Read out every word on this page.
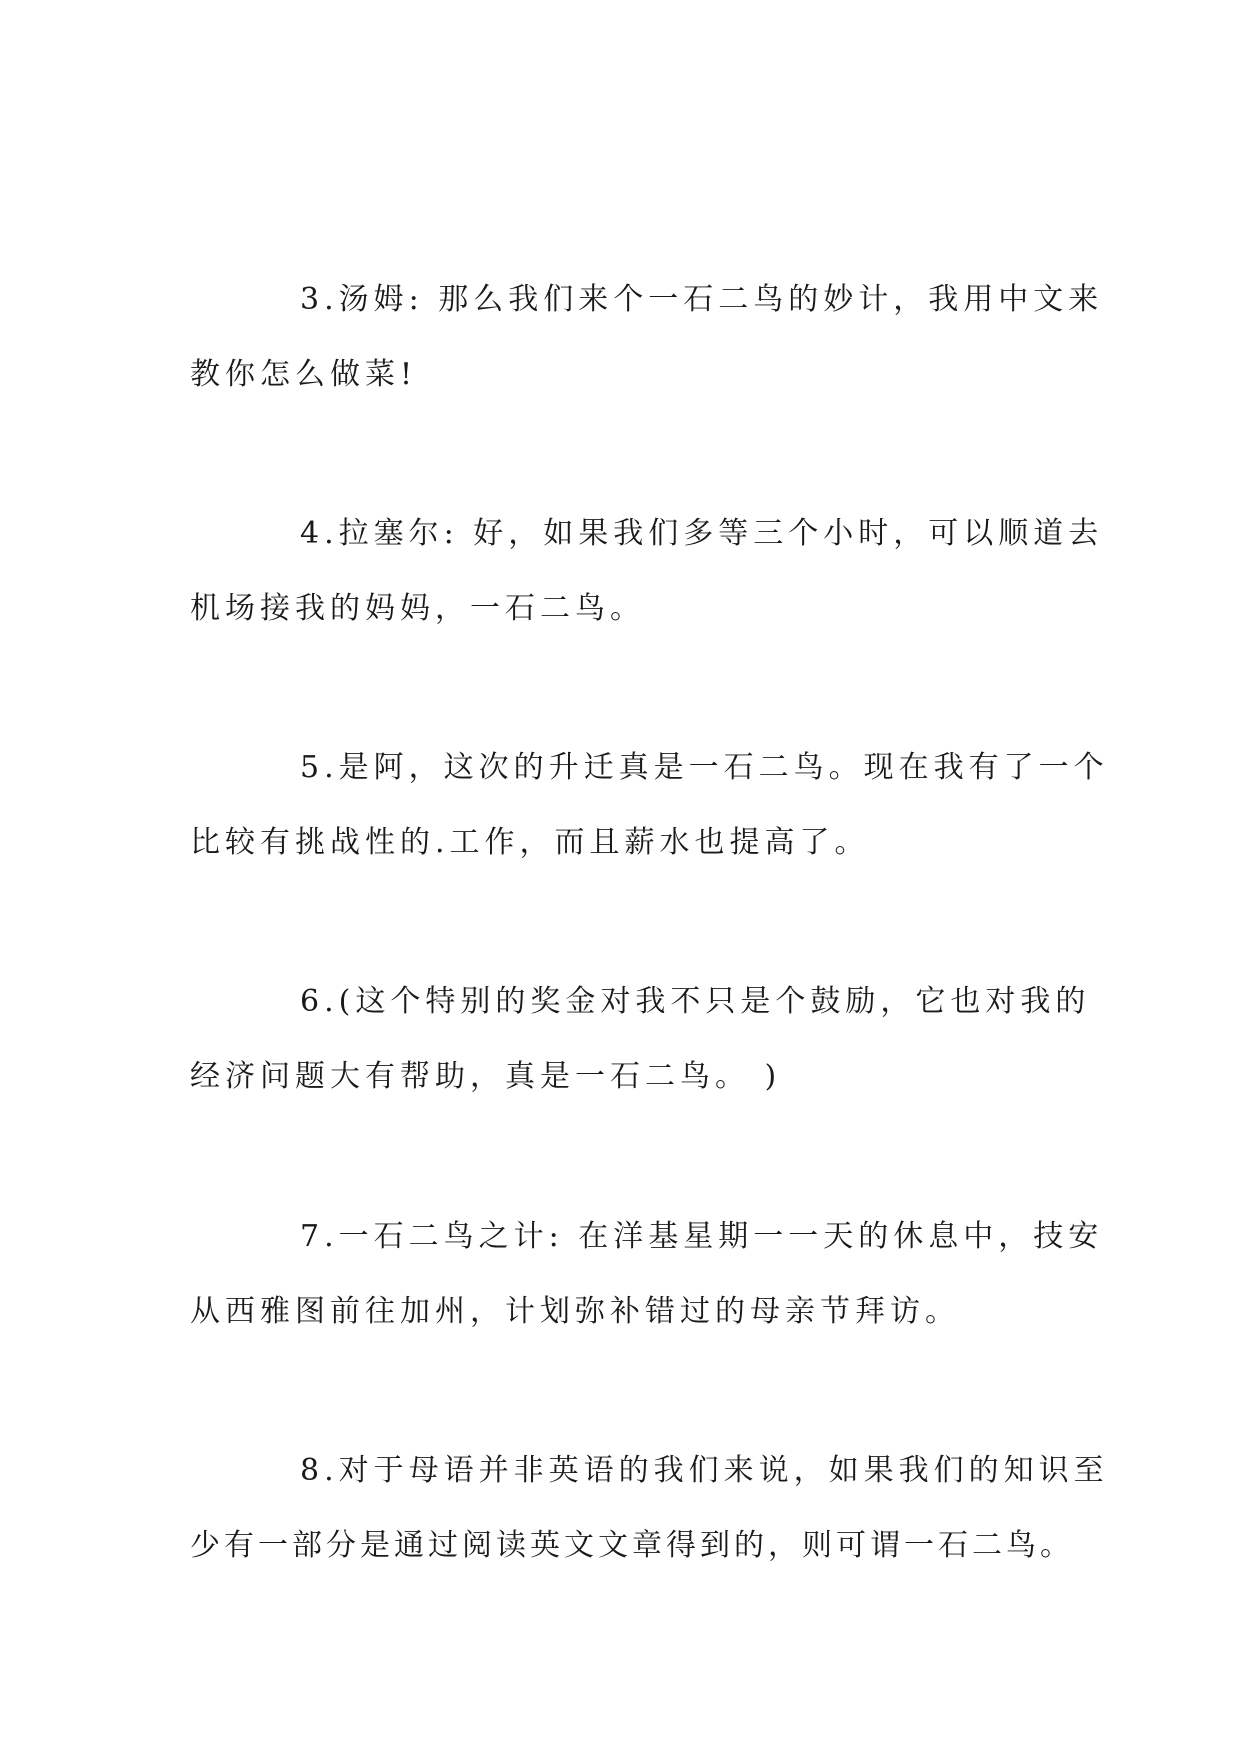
3.汤姆: 那么我们来个一石二鸟的妙计，我用中文来
教你怎么做菜!
4.拉塞尔: 好，如果我们多等三个小时，可以顺道去
机场接我的妈妈，一石二鸟。
5.是阿，这次的升迁真是一石二鸟。现在我有了一个
比较有挑战性的.工作，而且薪水也提高了。
6.(这个特别的奖金对我不只是个鼓励，它也对我的
经济问题大有帮助，真是一石二鸟。 )
7.一石二鸟之计: 在洋基星期一一天的休息中，技安
从西雅图前往加州，计划弥补错过的母亲节拜访。
8.对于母语并非英语的我们来说，如果我们的知识至
少有一部分是通过阅读英文文章得到的，则可谓一石二鸟。
